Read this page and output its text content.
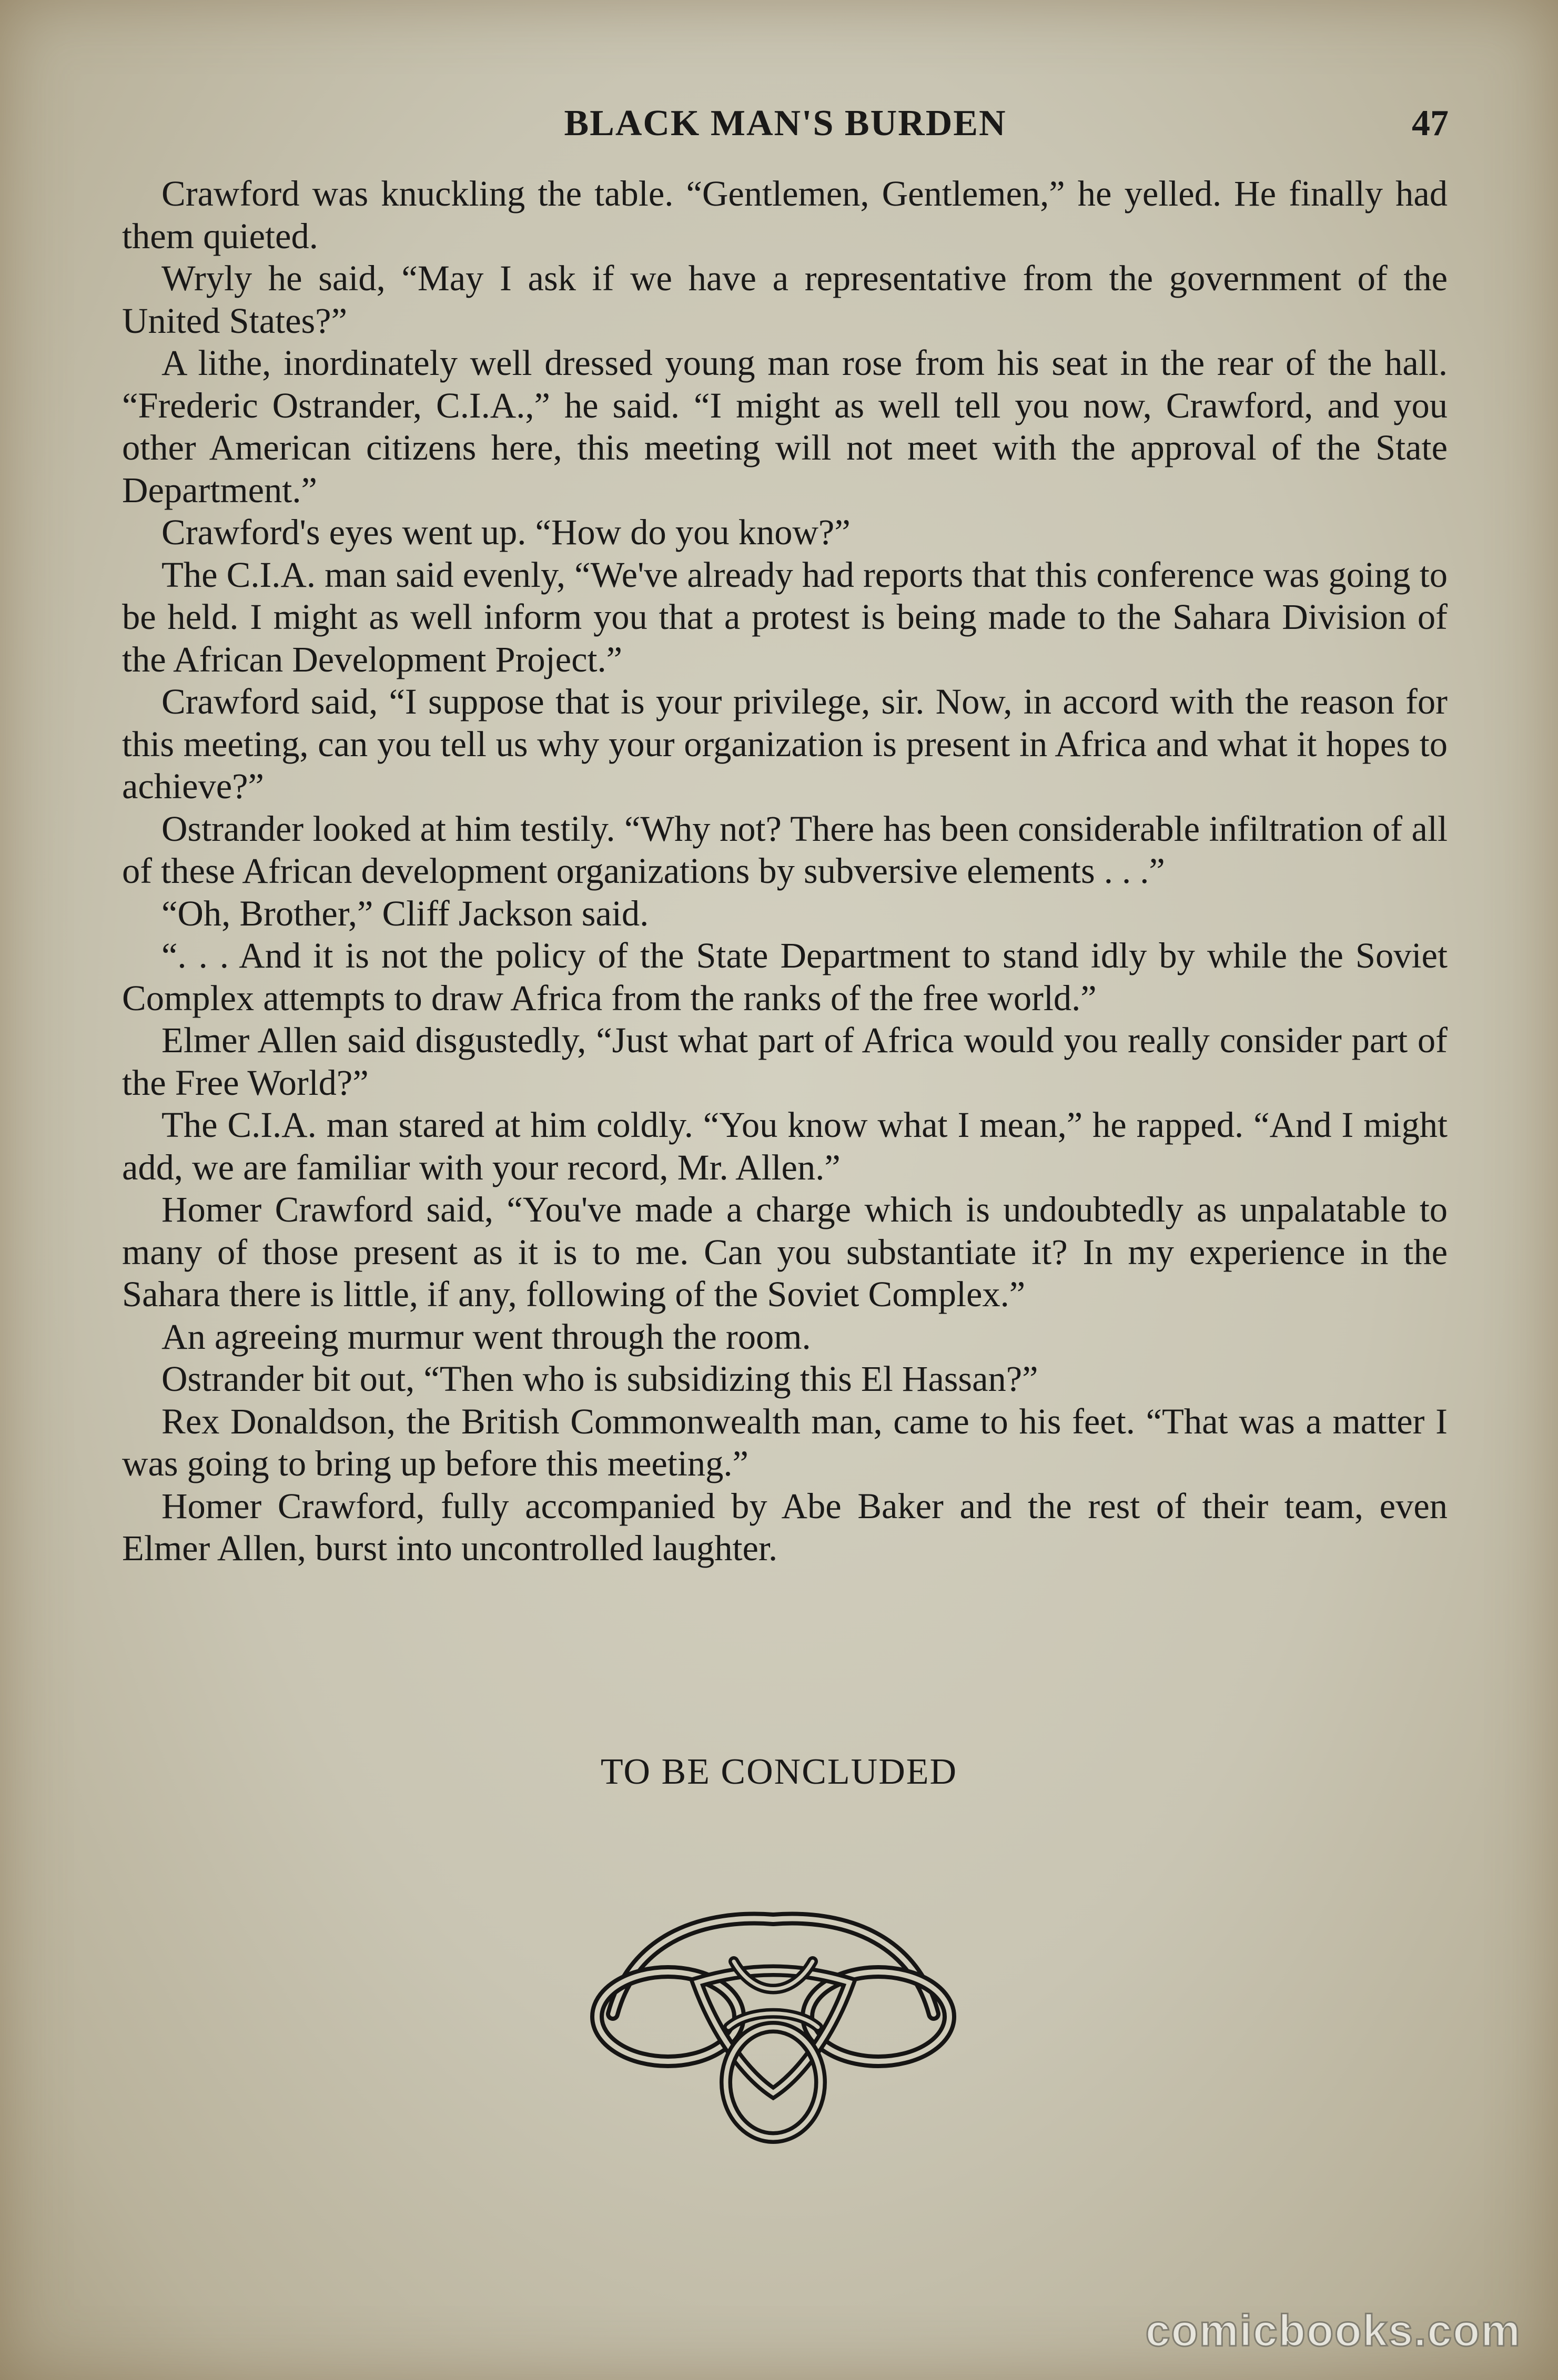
BLACK MAN'S BURDEN	47

Crawford was knuckling the table. “Gentlemen, Gentlemen,” he yelled. He finally had them quieted.

Wryly he said, “May I ask if we have a representative from the government of the United States?”

A lithe, inordinately well dressed young man rose from his seat in the rear of the hall. “Frederic Ostrander, C.I.A.,” he said. “I might as well tell you now, Crawford, and you other American citizens here, this meeting will not meet with the approval of the State Department.”

Crawford's eyes went up. “How do you know?”

The C.I.A. man said evenly, “We've already had reports that this conference was going to be held. I might as well inform you that a protest is being made to the Sahara Division of the African Development Project.”

Crawford said, “I suppose that is your privilege, sir. Now, in accord with the reason for this meeting, can you tell us why your organization is present in Africa and what it hopes to achieve?”

Ostrander looked at him testily. “Why not? There has been considerable infiltration of all of these African development organizations by subversive elements . . .”

“Oh, Brother,” Cliff Jackson said.

“. . . And it is not the policy of the State Department to stand idly by while the Soviet Complex attempts to draw Africa from the ranks of the free world.”

Elmer Allen said disgustedly, “Just what part of Africa would you really consider part of the Free World?”

The C.I.A. man stared at him coldly. “You know what I mean,” he rapped. “And I might add, we are familiar with your record, Mr. Allen.”

Homer Crawford said, “You've made a charge which is undoubtedly as unpalatable to many of those present as it is to me. Can you substantiate it? In my experience in the Sahara there is little, if any, following of the Soviet Complex.”

An agreeing murmur went through the room.

Ostrander bit out, “Then who is subsidizing this El Hassan?”

Rex Donaldson, the British Commonwealth man, came to his feet. “That was a matter I was going to bring up before this meeting.”

Homer Crawford, fully accompanied by Abe Baker and the rest of their team, even Elmer Allen, burst into uncontrolled laughter.

TO BE CONCLUDED
comicbooks.com
